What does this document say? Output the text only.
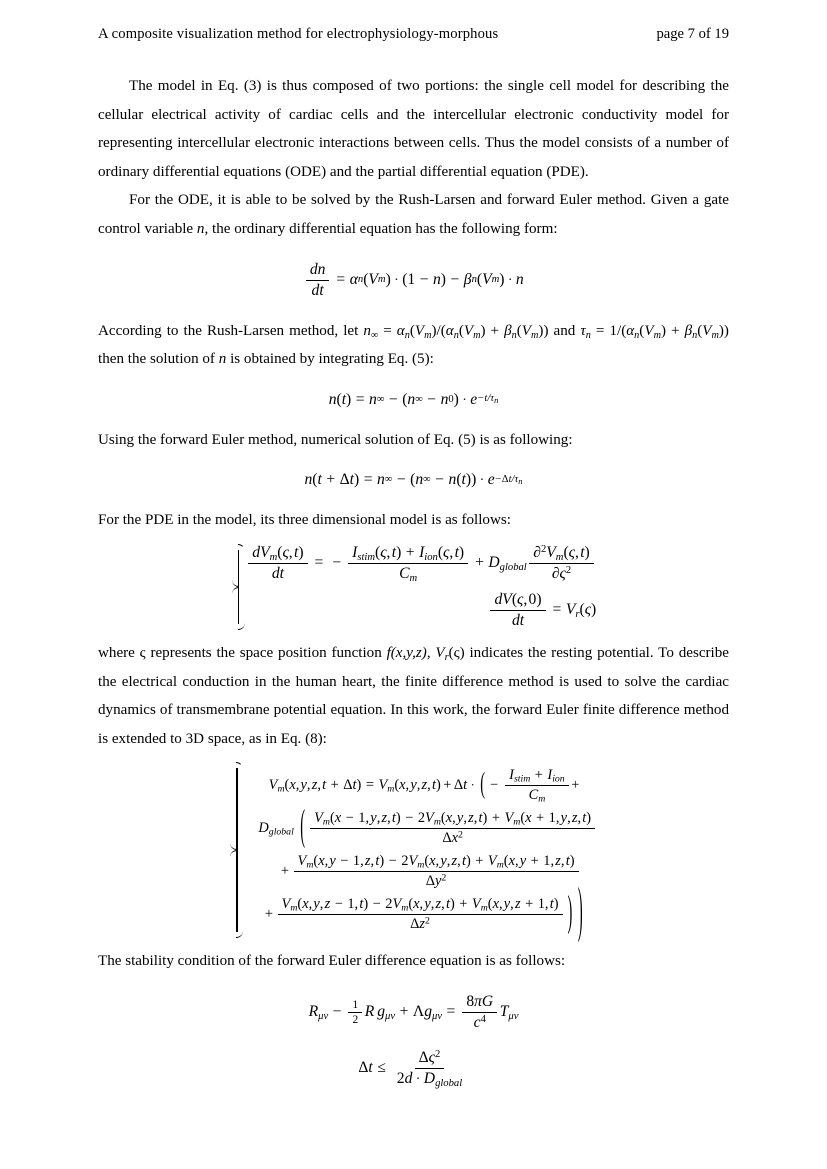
A composite visualization method for electrophysiology-morphous	page 7 of 19

The model in Eq. (3) is thus composed of two portions: the single cell model for describing the cellular electrical activity of cardiac cells and the intercellular electronic conductivity model for representing intercellular electronic interactions between cells. Thus the model consists of a number of ordinary differential equations (ODE) and the partial differential equation (PDE).

For the ODE, it is able to be solved by the Rush-Larsen and forward Euler method. Given a gate control variable n, the ordinary differential equation has the following form:

$\frac{dn}{dt} = \alpha$ n ( V m ) · ( 1 − n ) − β n ( V m ) · n

According to the Rush-Larsen method, let $n_\infty = \alpha_n(V_m)/(\alpha_n(V_m) + \beta_n(V_m))$ and $\tau_n = 1/(\alpha_n(V_m) + \beta_n(V_m))$ then the solution of n is obtained by integrating Eq. (5):

n ( t ) = n ∞ − ( n ∞ − n 0 ) · $e -t/\tau_n$

Using the forward Euler method, numerical solution of Eq. (5) is as following:

n ( t + Δ t ) = n ∞ − ( n ∞ − n ( t ) ) · $e -\Delta t/\tau_n$

For the PDE in the model, its three dimensional model is as follows:

$\frac{dV_m(\varsigma, t)}{dt}$ = − $\frac{I_{stim}(\varsigma, t) + I_{ion}(\varsigma, t)}{C_m} + D_{global} \frac{\partial^2V_m(\varsigma, t)}{\partial\varsigma^2}$
$\frac{dV(\varsigma, 0)}{dt} = V_r(\varsigma)$

where ς represents the space position function f(x,y,z), $V_r(\varsigma)$ indicates the resting potential. To describe the electrical conduction in the human heart, the finite difference method is used to solve the cardiac dynamics of transmembrane potential equation. In this work, the forward Euler finite difference method is extended to 3D space, as in Eq. (8):

$V_m(x$, y, z, $t + \Delta t) = V_m(x$, y, z, t) + Δ t · ( − $\frac{I_{stim} + I_{ion}}{C_m}$ +
$D_{global}$ ( $\frac{V_m(x - 1, y, z, t) - 2V_m(x, y, z, t) + V_m(x + 1, y, z, t)}{\Delta x^2}$
+ $\frac{V_m(x, y - 1, z, t) - 2V_m(x, y, z, t) + V_m(x, y + 1, z, t)}{\Delta y^2}$
+ $\frac{V_m(x, y, z - 1, t) - 2V_m(x, y, z, t) + V_m(x, y, z + 1, t)}{\Delta z^2}$ ) )

The stability condition of the forward Euler difference equation is as follows:

$R_{\mu\nu} - \frac{1}{2}$ R $g_{\mu\nu} + \Lambda$ $g_{\mu\nu} = \frac{8\pi G}{c^4} T_{\mu\nu}$
Δ $t \le \frac{\Delta\varsigma^2}{2d \cdot D_{global}}$
